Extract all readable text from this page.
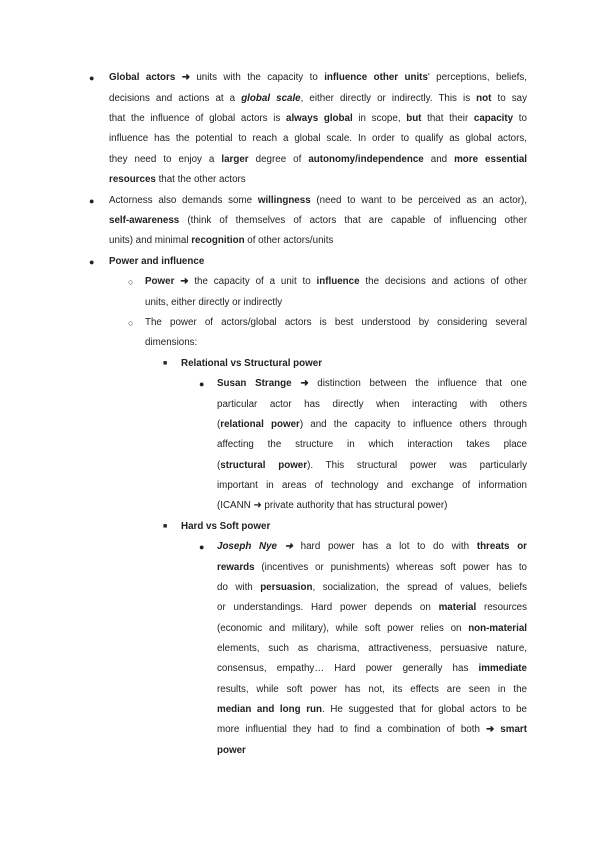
● Global actors ➜ units with the capacity to influence other units' perceptions, beliefs,
decisions and actions at a global scale, either directly or indirectly. This is not to say
that the influence of global actors is always global in scope, but that their capacity to
influence has the potential to reach a global scale. In order to qualify as global actors,
they need to enjoy a larger degree of autonomy/independence and more essential
resources that the other actors
● Actorness also demands some willingness (need to want to be perceived as an actor),
self-awareness (think of themselves of actors that are capable of influencing other
units) and minimal recognition of other actors/units
● Power and influence
○ Power ➜ the capacity of a unit to influence the decisions and actions of other
units, either directly or indirectly
○ The power of actors/global actors is best understood by considering several
dimensions:
■ Relational vs Structural power
● Susan Strange ➜ distinction between the influence that one
particular actor has directly when interacting with others
(relational power) and the capacity to influence others through
affecting the structure in which interaction takes place
(structural power). This structural power was particularly
important in areas of technology and exchange of information
(ICANN ➜ private authority that has structural power)
■ Hard vs Soft power
● Joseph Nye ➜ hard power has a lot to do with threats or
rewards (incentives or punishments) whereas soft power has to
do with persuasion, socialization, the spread of values, beliefs
or understandings. Hard power depends on material resources
(economic and military), while soft power relies on non-material
elements, such as charisma, attractiveness, persuasive nature,
consensus, empathy… Hard power generally has immediate
results, while soft power has not, its effects are seen in the
median and long run. He suggested that for global actors to be
more influential they had to find a combination of both ➜ smart
power
